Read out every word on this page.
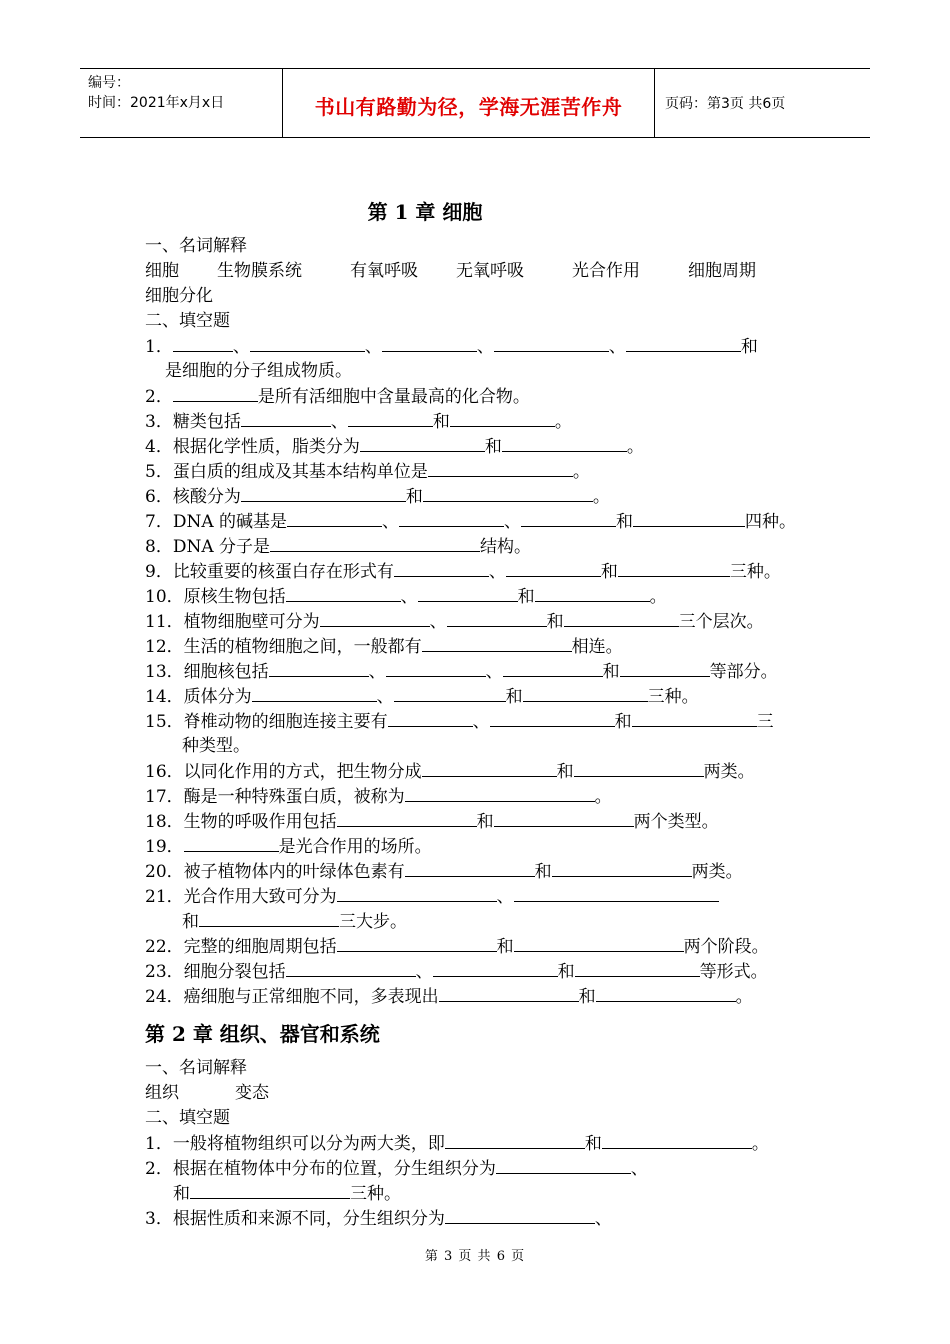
编号：
时间：2021年x月x日	书山有路勤为径，学海无涯苦作舟	页码：第3页 共6页
第 1 章 细胞
一、名词解释
细胞 生物膜系统	有氧呼吸 无氧呼吸	光合作用	细胞周期
细胞分化
二、填空题
1．	、	、	、	、	和
是细胞的分子组成物质。
2．	是所有活细胞中含量最高的化合物。
3．糖类包括	、	和	。
4．根据化学性质，脂类分为	和	。
5．蛋白质的组成及其基本结构单位是	。
6．核酸分为	和	。
7．DNA 的碱基是	、	、	和	四种。
8．DNA 分子是	结构。
9．比较重要的核蛋白存在形式有	、	和	三种。
10．原核生物包括	、	和	。
11．植物细胞壁可分为	、	和	三个层次。
12．生活的植物细胞之间，一般都有	相连。
13．细胞核包括	、	、	和	等部分。
14．质体分为	、	和	三种。
15．脊椎动物的细胞连接主要有	、	和	三
种类型。
16．以同化作用的方式，把生物分成	和	两类。
17．酶是一种特殊蛋白质，被称为	。
18．生物的呼吸作用包括	和	两个类型。
19．	是光合作用的场所。
20．被子植物体内的叶绿体色素有	和	两类。
21．光合作用大致可分为	、
和	三大步。
22．完整的细胞周期包括	和	两个阶段。
23．细胞分裂包括	、	和	等形式。
24．癌细胞与正常细胞不同，多表现出	和	。
第 2 章 组织、器官和系统
一、名词解释
组织	变态
二、填空题
1．一般将植物组织可以分为两大类，即	和	。
2．根据在植物体中分布的位置，分生组织分为	、
和	三种。
3．根据性质和来源不同，分生组织分为	、
第 3 页 共 6 页
